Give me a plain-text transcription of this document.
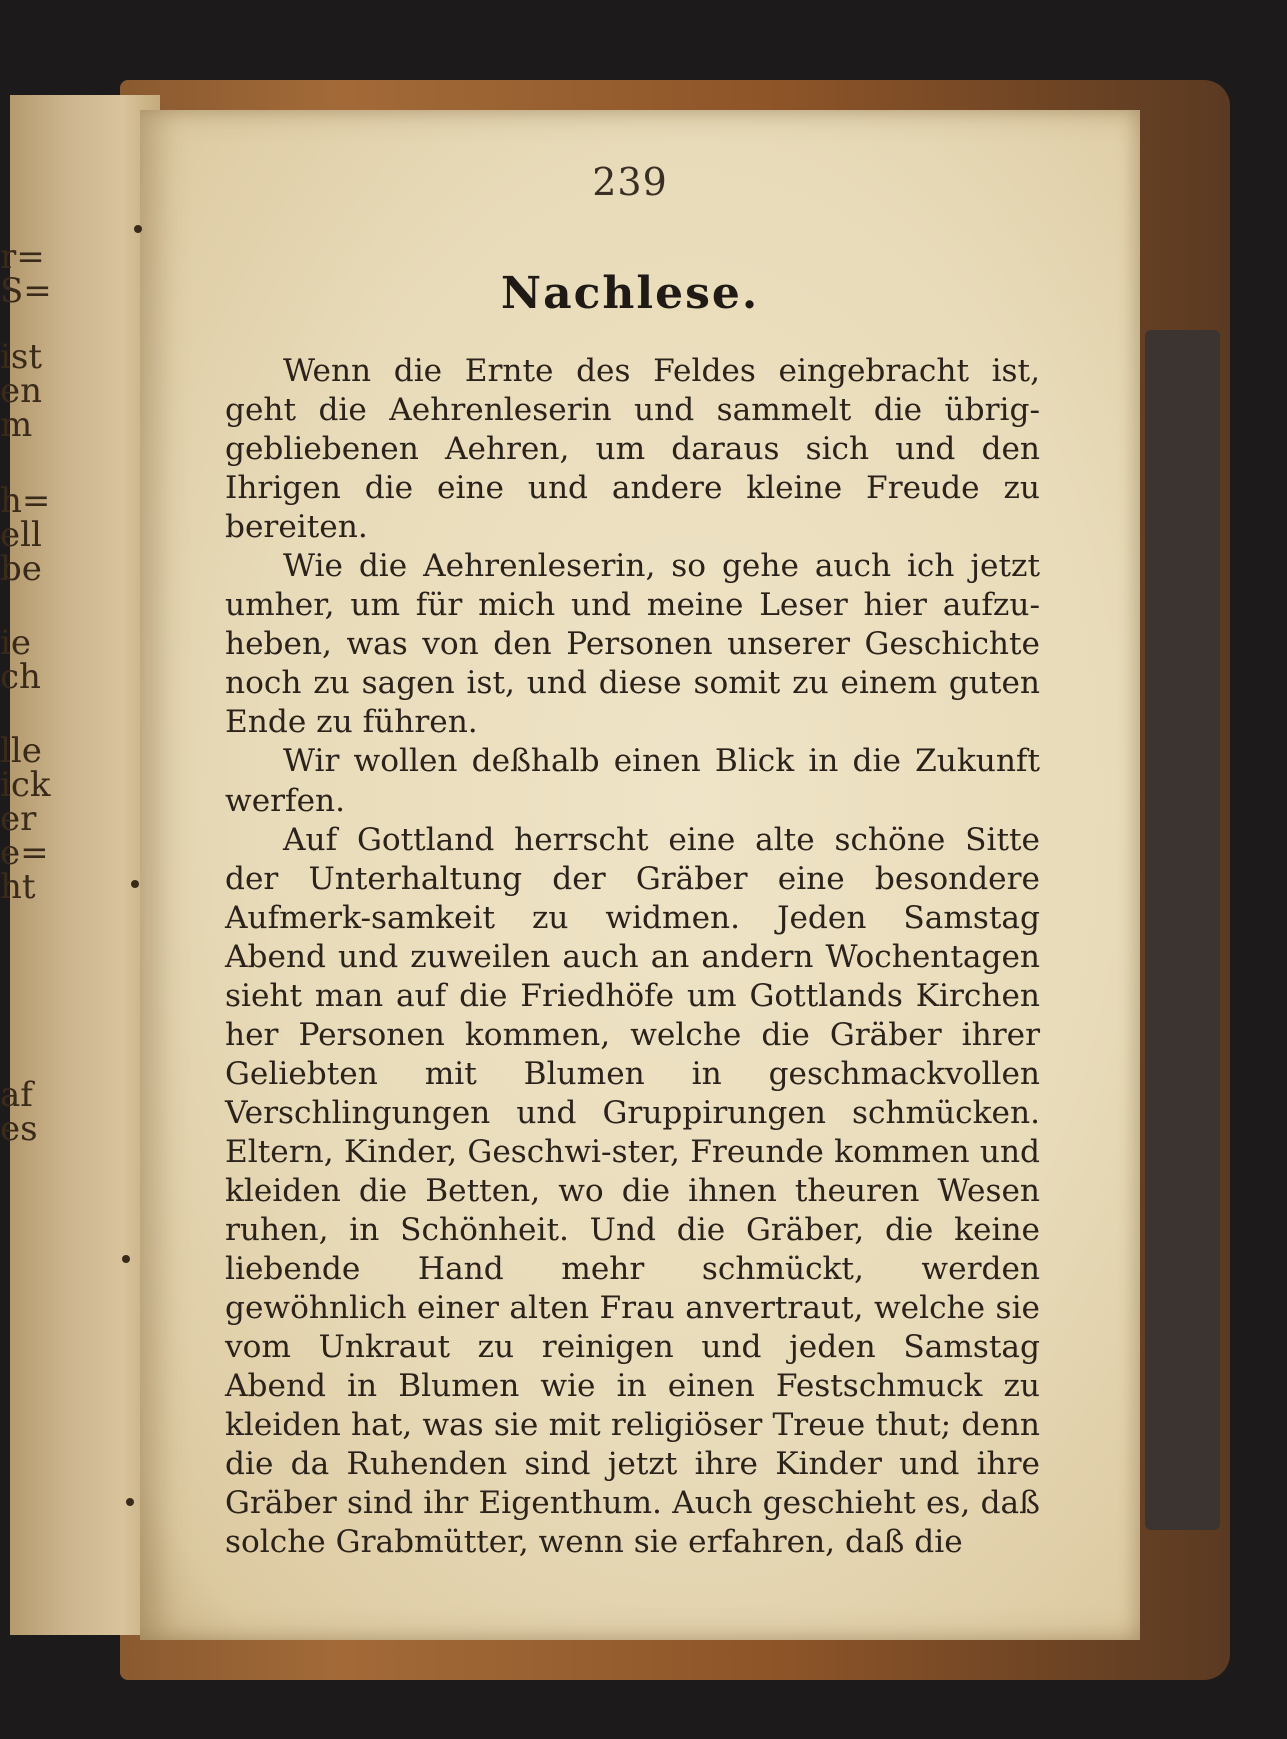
r=
S=
ist
en
m
h=
ell
be
ie
ch
lle
ick
er
e=
ht
af
es
239
Nachlese.

Wenn die Ernte des Feldes eingebracht ist, geht die Aehrenleserin und sammelt die übrig-gebliebenen Aehren, um daraus sich und den Ihrigen die eine und andere kleine Freude zu bereiten.

Wie die Aehrenleserin, so gehe auch ich jetzt umher, um für mich und meine Leser hier aufzu-heben, was von den Personen unserer Geschichte noch zu sagen ist, und diese somit zu einem guten Ende zu führen.

Wir wollen deßhalb einen Blick in die Zukunft werfen.

Auf Gottland herrscht eine alte schöne Sitte der Unterhaltung der Gräber eine besondere Aufmerk-samkeit zu widmen. Jeden Samstag Abend und zuweilen auch an andern Wochentagen sieht man auf die Friedhöfe um Gottlands Kirchen her Personen kommen, welche die Gräber ihrer Geliebten mit Blumen in geschmackvollen Verschlingungen und Gruppirungen schmücken. Eltern, Kinder, Geschwi-ster, Freunde kommen und kleiden die Betten, wo die ihnen theuren Wesen ruhen, in Schönheit. Und die Gräber, die keine liebende Hand mehr schmückt, werden gewöhnlich einer alten Frau anvertraut, welche sie vom Unkraut zu reinigen und jeden Samstag Abend in Blumen wie in einen Festschmuck zu kleiden hat, was sie mit religiöser Treue thut; denn die da Ruhenden sind jetzt ihre Kinder und ihre Gräber sind ihr Eigenthum. Auch geschieht es, daß solche Grabmütter, wenn sie erfahren, daß die
